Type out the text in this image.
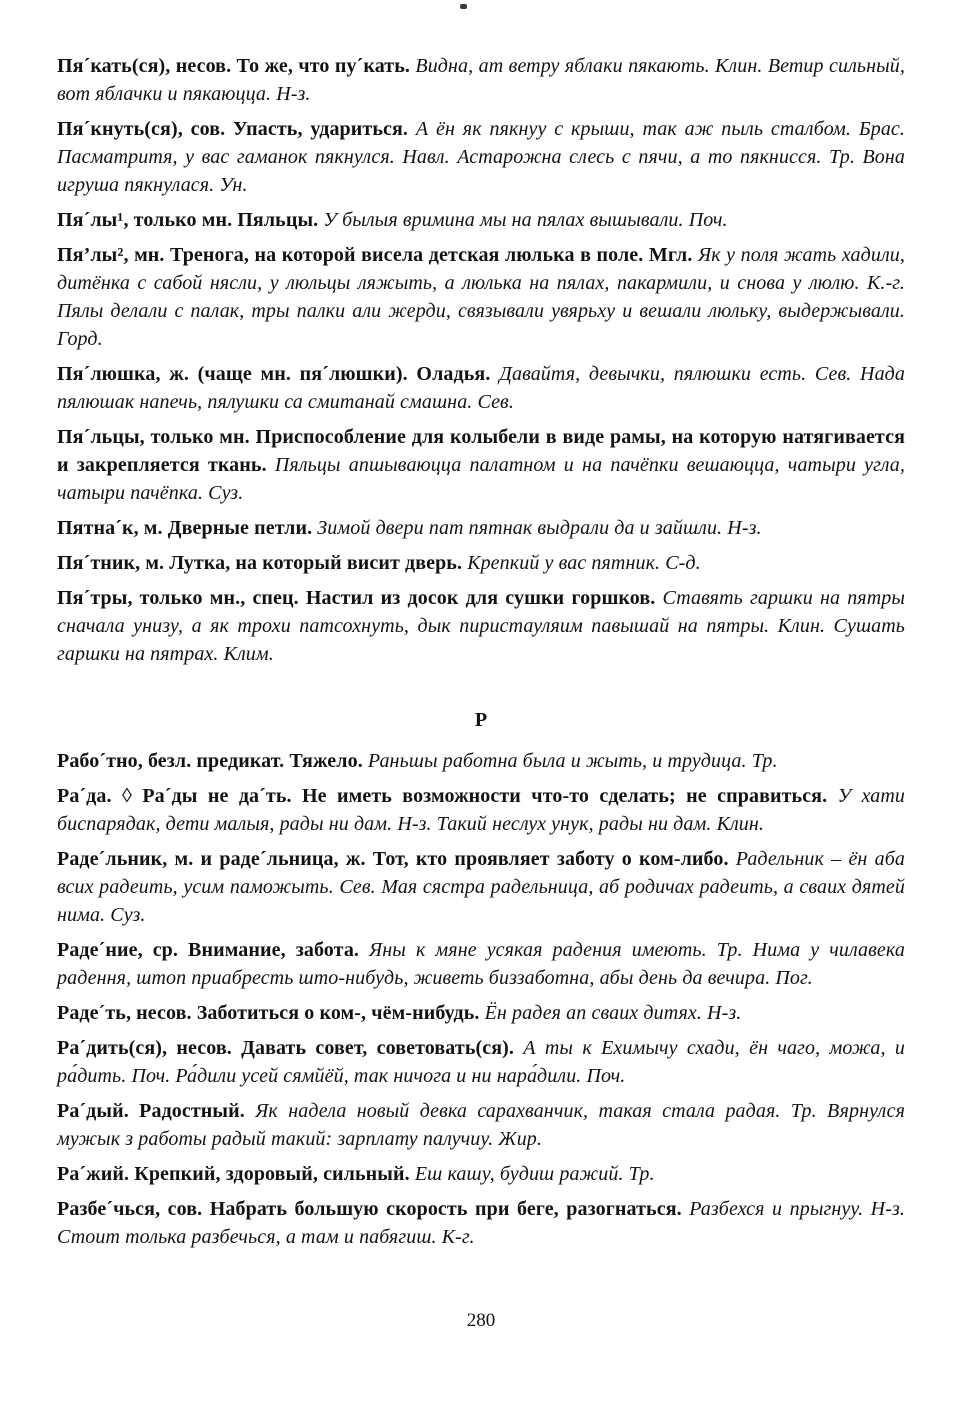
Пя´кать(ся), несов. То же, что пу´кать. Видна, ат ветру яблаки пякають. Клин. Ветир сильный, вот яблачки и пякаюцца. Н-з.

Пя´кнуть(ся), сов. Упасть, удариться. А ён як пякнуу с крыши, так аж пыль сталбом. Брас. Пасматритя, у вас гаманок пякнулся. Навл. Астарожна слесь с пячи, а то пякнисся. Тр. Вона игруша пякнулася. Ун.

Пя´лы¹, только мн. Пяльцы. У былыя вримина мы на пялах вышывали. Поч.

Пя’лы², мн. Тренога, на которой висела детская люлька в поле. Мгл. Як у поля жать хадили, дитёнка с сабой нясли, у люльцы ляжыть, а люлька на пялах, пакармили, и снова у люлю. К.-г. Пялы делали с палак, тры палки али жерди, связывали увярьху и вешали люльку, выдержывали. Горд.

Пя´люшка, ж. (чаще мн. пя´люшки). Оладья. Давайтя, девычки, пялюшки есть. Сев. Нада пялюшак напечь, пялушки са смитанай смашна. Сев.

Пя´льцы, только мн. Приспособление для колыбели в виде рамы, на которую натягивается и закрепляется ткань. Пяльцы апшываюцца палатном и на пачёпки вешаюцца, чатыри угла, чатыри пачёпка. Суз.

Пятна´к, м. Дверные петли. Зимой двери пат пятнак выдрали да и зайшли. Н-з.

Пя´тник, м. Лутка, на который висит дверь. Крепкий у вас пятник. С-д.

Пя´тры, только мн., спец. Настил из досок для сушки горшков. Ставять гаршки на пятры сначала унизу, а як трохи патсохнуть, дык пиристауляим павышай на пятры. Клин. Сушать гаршки на пятрах. Клим.

Р

Рабо´тно, безл. предикат. Тяжело. Раньшы работна была и жыть, и трудица. Тр.

Ра´да. ◊ Ра´ды не да´ть. Не иметь возможности что-то сделать; не справиться. У хати биспарядак, дети малыя, рады ни дам. Н-з. Такий неслух унук, рады ни дам. Клин.

Раде´льник, м. и раде´льница, ж. Тот, кто проявляет заботу о ком-либо. Радельник – ён аба всих радеить, усим паможыть. Сев. Мая сястра радельница, аб родичах радеить, а сваих дятей нима. Суз.

Раде´ние, ср. Внимание, забота. Яны к мяне усякая радения имеють. Тр. Нима у чилавека радення, штоп приабресть што-нибудь, живеть биззаботна, абы день да вечира. Пог.

Раде´ть, несов. Заботиться о ком-, чём-нибудь. Ён радея ап сваих дитях. Н-з.

Ра´дить(ся), несов. Давать совет, советовать(ся). А ты к Ехимычу схади, ён чаго, можа, и ра́дить. Поч. Ра́дили усей сямйёй, так ничога и ни нара́дили. Поч.

Ра´дый. Радостный. Як надела новый девка сарахванчик, такая стала радая. Тр. Вярнулся мужык з работы радый такий: зарплату палучиу. Жир.

Ра´жий. Крепкий, здоровый, сильный. Еш кашу, будиш ражий. Тр.

Разбе´чься, сов. Набрать большую скорость при беге, разогнаться. Разбехся и прыгнуу. Н-з. Стоит толька разбечься, а там и пабягиш. К-г.

280
